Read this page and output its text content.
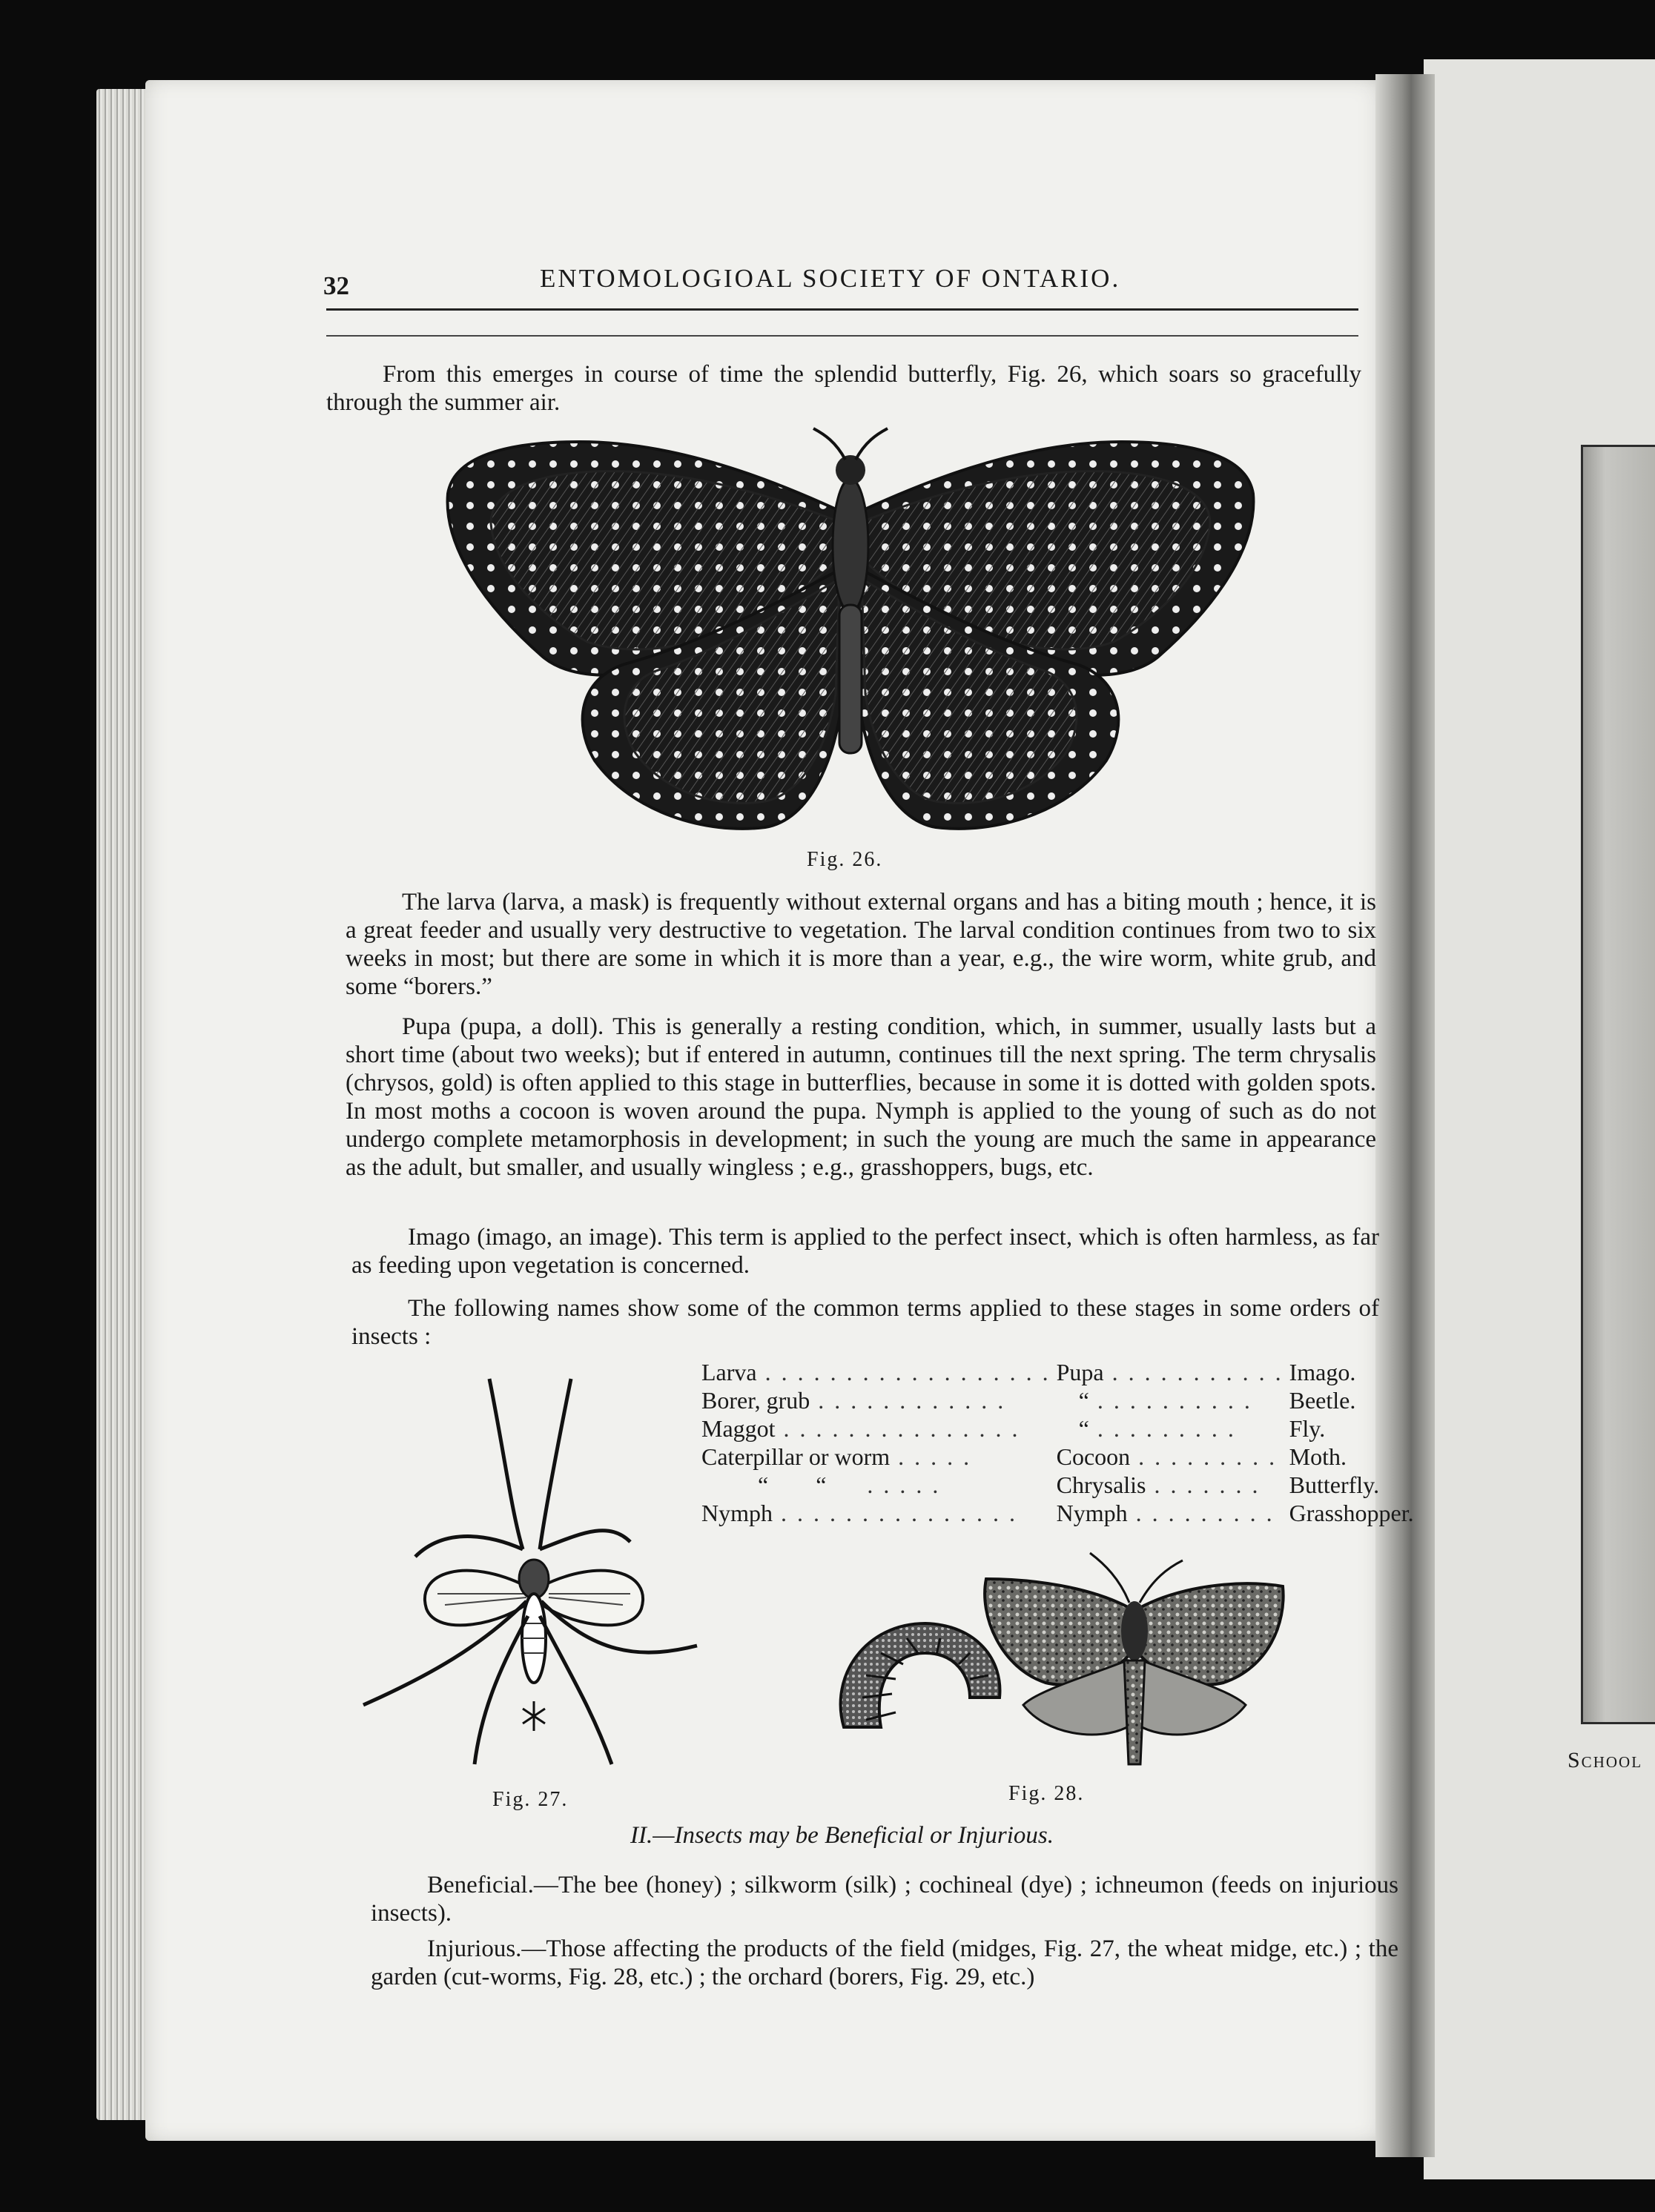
School
32	ENTOMOLOGIOAL SOCIETY OF ONTARIO.
From this emerges in course of time the splendid butterfly, Fig. 26, which soars so gracefully through the summer air.
Fig. 26.
The larva (larva, a mask) is frequently without external organs and has a biting mouth ; hence, it is a great feeder and usually very destructive to vegetation. The larval condition continues from two to six weeks in most; but there are some in which it is more than a year, e.g., the wire worm, white grub, and some “borers.”
Pupa (pupa, a doll). This is generally a resting condition, which, in summer, usually lasts but a short time (about two weeks); but if entered in autumn, continues till the next spring. The term chrysalis (chrysos, gold) is often applied to this stage in butterflies, because in some it is dotted with golden spots. In most moths a cocoon is woven around the pupa. Nymph is applied to the young of such as do not undergo complete metamorphosis in development; in such the young are much the same in appearance as the adult, but smaller, and usually wingless ; e.g., grasshoppers, bugs, etc.
Imago (imago, an image). This term is applied to the perfect insect, which is often harmless, as far as feeding upon vegetation is concerned.
The following names show some of the common terms applied to these stages in some orders of insects :
Larva . . . . . . . . . . . . . . . . . .	Pupa . . . . . . . . . . .	Imago.
Borer, grub . . . . . . . . . . . .	“ . . . . . . . . . .	Beetle.
Maggot . . . . . . . . . . . . . . .	“ . . . . . . . . .	Fly.
Caterpillar or worm . . . . .	Cocoon . . . . . . . . .	Moth.
“        “     . . . . .	Chrysalis . . . . . . .	Butterfly.
Nymph . . . . . . . . . . . . . . .	Nymph . . . . . . . . .	Grasshopper.
Fig. 27.	Fig. 28.
II.—Insects may be Beneficial or Injurious.
Beneficial.—The bee (honey) ; silkworm (silk) ; cochineal (dye) ; ichneumon (feeds on injurious insects).
Injurious.—Those affecting the products of the field (midges, Fig. 27, the wheat midge, etc.) ; the garden (cut-worms, Fig. 28, etc.) ; the orchard (borers, Fig. 29, etc.)
